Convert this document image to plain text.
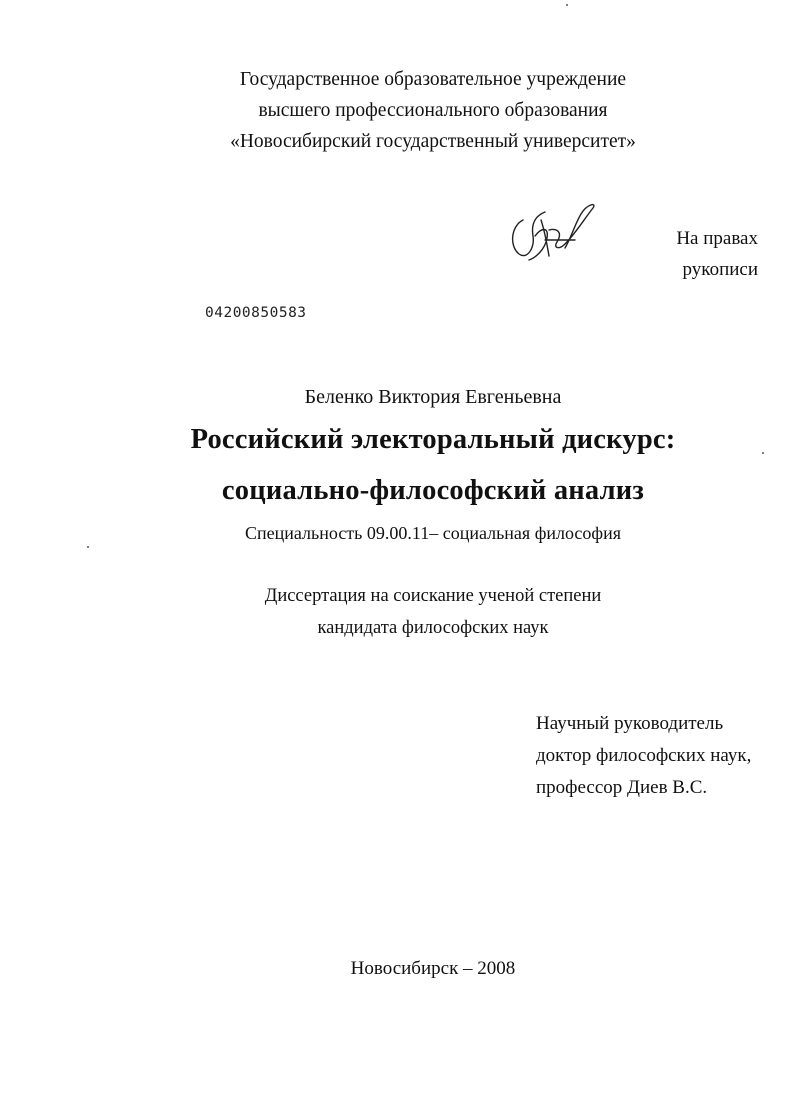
Государственное образовательное учреждение
высшего профессионального образования
«Новосибирский государственный университет»
На правах
рукописи
04200850583
Беленко Виктория Евгеньевна
Российский электоральный дискурс:
социально-философский анализ
Специальность 09.00.11– социальная философия
Диссертация на соискание ученой степени
кандидата философских наук
Научный руководитель
доктор философских наук,
профессор Диев В.С.
Новосибирск – 2008
